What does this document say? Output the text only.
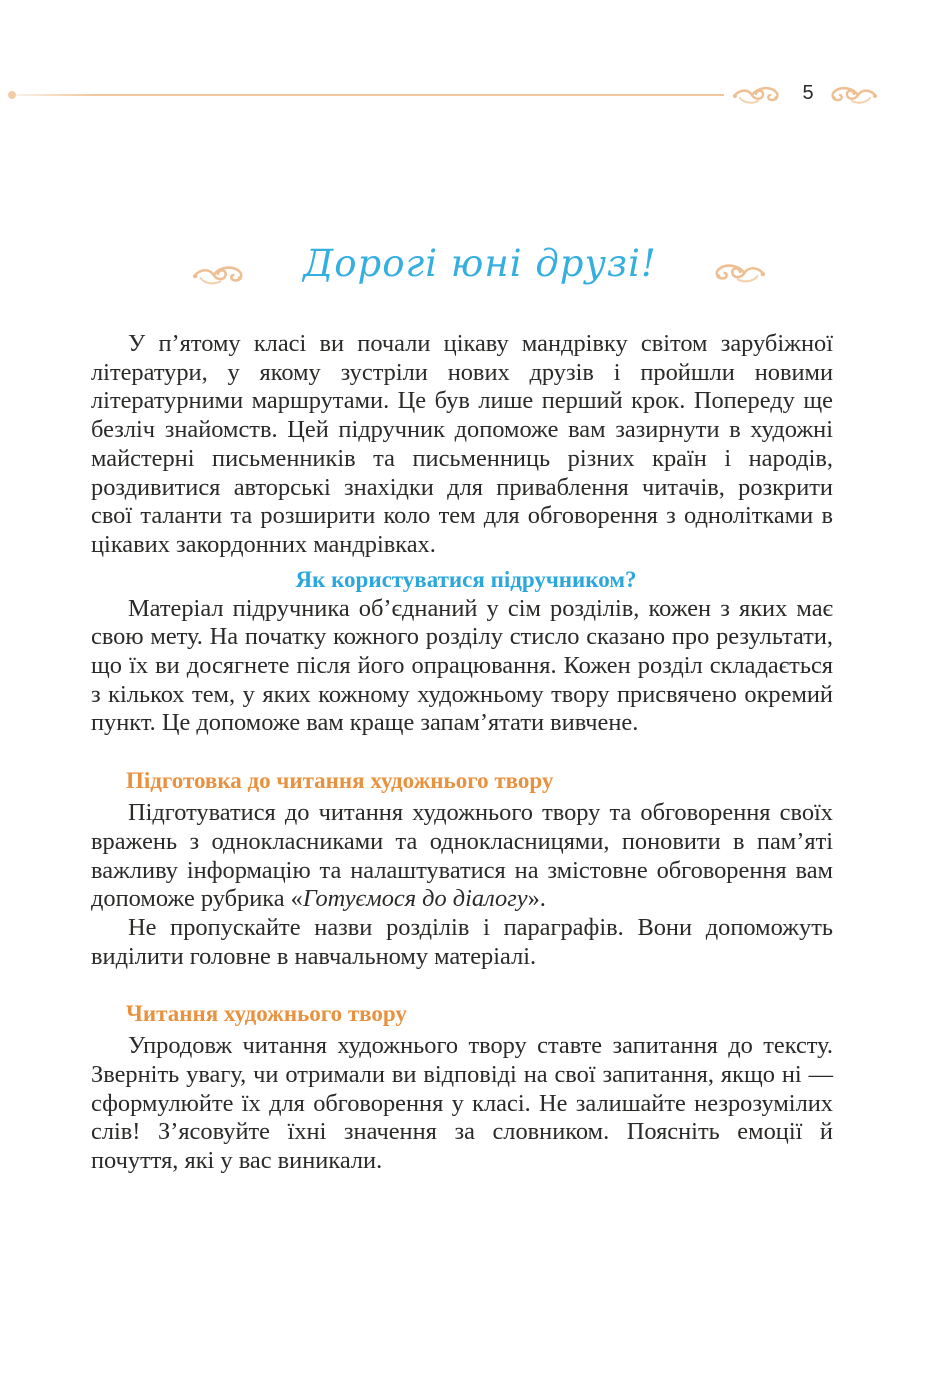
5
Дорогі юні друзі!

У п’ятому класі ви почали цікаву мандрівку світом зарубіжної літератури, у якому зустріли нових друзів і пройшли новими літературними маршрутами. Це був лише перший крок. Попереду ще безліч знайомств. Цей підручник допоможе вам зазирнути в художні майстерні письменників та письменниць різних країн і народів, роздивитися авторські знахідки для приваблення читачів, розкрити свої таланти та розширити коло тем для обговорення з однолітками в цікавих закордонних мандрівках.

Як користуватися підручником?

Матеріал підручника об’єднаний у сім розділів, кожен з яких має свою мету. На початку кожного розділу стисло сказано про результати, що їх ви досягнете після його опрацювання. Кожен розділ складається з кількох тем, у яких кожному художньому твору присвячено окремий пункт. Це допоможе вам краще запам’ятати вивчене.

Підготовка до читання художнього твору

Підготуватися до читання художнього твору та обговорення своїх вражень з однокласниками та однокласницями, поновити в пам’яті важливу інформацію та налаштуватися на змістовне обговорення вам допоможе рубрика «Готуємося до діалогу».

Не пропускайте назви розділів і параграфів. Вони допоможуть виділити головне в навчальному матеріалі.

Читання художнього твору

Упродовж читання художнього твору ставте запитання до тексту. Зверніть увагу, чи отримали ви відповіді на свої запитання, якщо ні — сформулюйте їх для обговорення у класі. Не залишайте незрозумілих слів! З’ясовуйте їхні значення за словником. Поясніть емоції й почуття, які у вас виникали.
